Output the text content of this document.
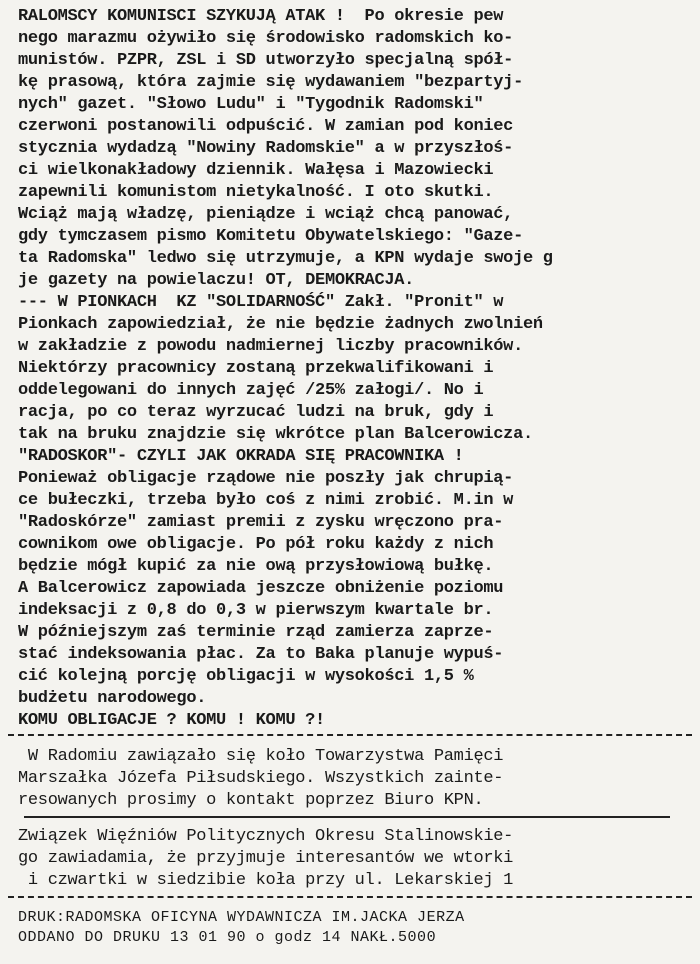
RALOMSCY KOMUNISCI SZYKUJĄ ATAK !  Po okresie pew
nego marazmu ożywiło się środowisko radomskich ko-
munistów. PZPR, ZSL i SD utworzyło specjalną spół-
kę prasową, która zajmie się wydawaniem "bezpartyj-
nych" gazet. "Słowo Ludu" i "Tygodnik Radomski"
czerwoni postanowili odpuścić. W zamian pod koniec
stycznia wydadzą "Nowiny Radomskie" a w przyszłoś-
ci wielkonakładowy dziennik. Wałęsa i Mazowiecki
zapewnili komunistom nietykalność. I oto skutki.
Wciąż mają władzę, pieniądze i wciąż chcą panować,
gdy tymczasem pismo Komitetu Obywatelskiego: "Gaze-
ta Radomska" ledwo się utrzymuje, a KPN wydaje swoje g
je gazety na powielaczu! OT, DEMOKRACJA.
--- W PIONKACH  KZ "SOLIDARNOŚĆ" Zakł. "Pronit" w
Pionkach zapowiedział, że nie będzie żadnych zwolnień
w zakładzie z powodu nadmiernej liczby pracowników.
Niektórzy pracownicy zostaną przekwalifikowani i
oddelegowani do innych zajęć /25% załogi/. No i
racja, po co teraz wyrzucać ludzi na bruk, gdy i
tak na bruku znajdzie się wkrótce plan Balcerowicza.
"RADOSKOR"- CZYLI JAK OKRADA SIĘ PRACOWNIKA !
Ponieważ obligacje rządowe nie poszły jak chrupią-
ce bułeczki, trzeba było coś z nimi zrobić. M.in w
"Radoskórze" zamiast premii z zysku wręczono pra-
cownikom owe obligacje. Po pół roku każdy z nich
będzie mógł kupić za nie ową przysłowiową bułkę.
A Balcerowicz zapowiada jeszcze obniżenie poziomu
indeksacji z 0,8 do 0,3 w pierwszym kwartale br.
W późniejszym zaś terminie rząd zamierza zaprze-
stać indeksowania płac. Za to Baka planuje wypuś-
cić kolejną porcję obligacji w wysokości 1,5 %
budżetu narodowego.
KOMU OBLIGACJE ? KOMU ! KOMU ?!
W Radomiu zawiązało się koło Towarzystwa Pamięci
Marszałka Józefa Piłsudskiego. Wszystkich zainte-
resowanych prosimy o kontakt poprzez Biuro KPN.
Związek Więźniów Politycznych Okresu Stalinowskie-
go zawiadamia, że przyjmuje interesantów we wtorki
i czwartki w siedzibie koła przy ul. Lekarskiej 1
DRUK:RADOMSKA OFICYNA WYDAWNICZA IM.JACKA JERZA
ODDANO DO DRUKU 13 01 90 o godz 14 NAKŁ.5000
